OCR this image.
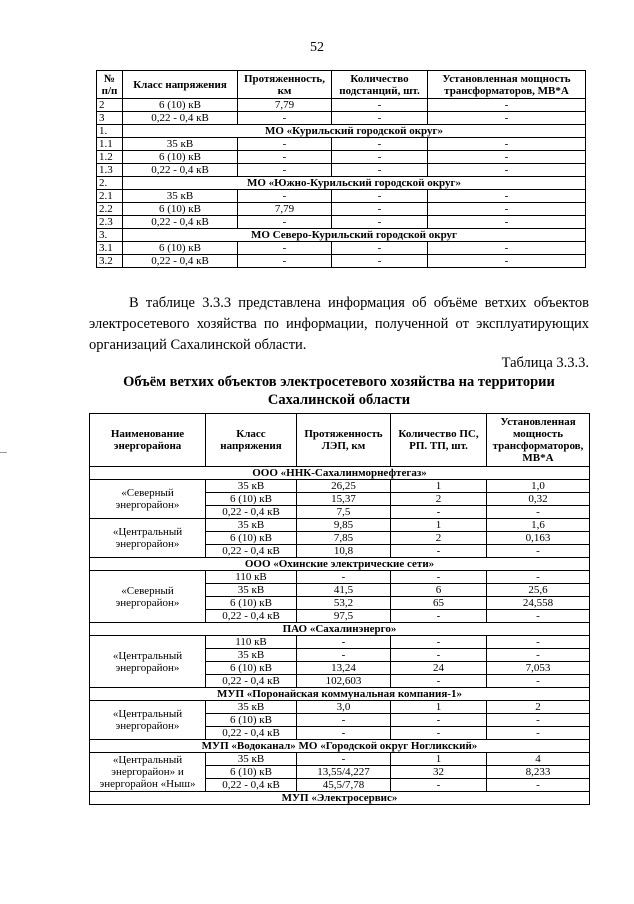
52
№ п/п	Класс напряжения	Протяженность, км	Количество подстанций, шт.	Установленная мощность трансформаторов, МВ*А
2	6 (10) кВ	7,79	-	-
3	0,22 - 0,4 кВ	-	-	-
1.	МО «Курильский городской округ»			
1.1	35 кВ	-	-	-
1.2	6 (10) кВ	-	-	-
1.3	0,22 - 0,4 кВ	-	-	-
2.	МО «Южно-Курильский городской округ»			
2.1	35 кВ	-	-	-
2.2	6 (10) кВ	7,79	-	-
2.3	0,22 - 0,4 кВ	-	-	-
3.	МО Северо-Курильский городской округ			
3.1	6 (10) кВ	-	-	-
3.2	0,22 - 0,4 кВ	-	-	-
В таблице 3.3.3 представлена информация об объёме ветхих объектов электросетевого хозяйства по информации, полученной от эксплуатирующих организаций Сахалинской области.
Таблица 3.3.3.
Объём ветхих объектов электросетевого хозяйства на территории Сахалинской области
Наименование энергорайона	Класс напряжения	Протяженность ЛЭП, км	Количество ПС, РП. ТП, шт.	Установленная мощность трансформаторов, МВ*А
ООО «ННК-Сахалинморнефтегаз»				
«Северный энергорайон»	35 кВ	26,25	1	1,0
	6 (10) кВ	15,37	2	0,32
	0,22 - 0,4 кВ	7,5	-	-
«Центральный энергорайон»	35 кВ	9,85	1	1,6
	6 (10) кВ	7,85	2	0,163
	0,22 - 0,4 кВ	10,8	-	-
ООО «Охинские электрические сети»				
«Северный энергорайон»	110 кВ	-	-	-
	35 кВ	41,5	6	25,6
	6 (10) кВ	53,2	65	24,558
	0,22 - 0,4 кВ	97,5	-	-
ПАО «Сахалинэнерго»				
«Центральный энергорайон»	110 кВ	-	-	-
	35 кВ	-	-	-
	6 (10) кВ	13,24	24	7,053
	0,22 - 0,4 кВ	102,603	-	-
МУП «Поронайская коммунальная компания-1»				
«Центральный энергорайон»	35 кВ	3,0	1	2
	6 (10) кВ	-	-	-
	0,22 - 0,4 кВ	-	-	-
МУП «Водоканал» МО «Городской округ Ногликский»				
«Центральный энергорайон» и энергорайон «Ныш»	35 кВ	-	1	4
	6 (10) кВ	13,55/4,227	32	8,233
	0,22 - 0,4 кВ	45,5/7,78	-	-
МУП «Электросервис»				
